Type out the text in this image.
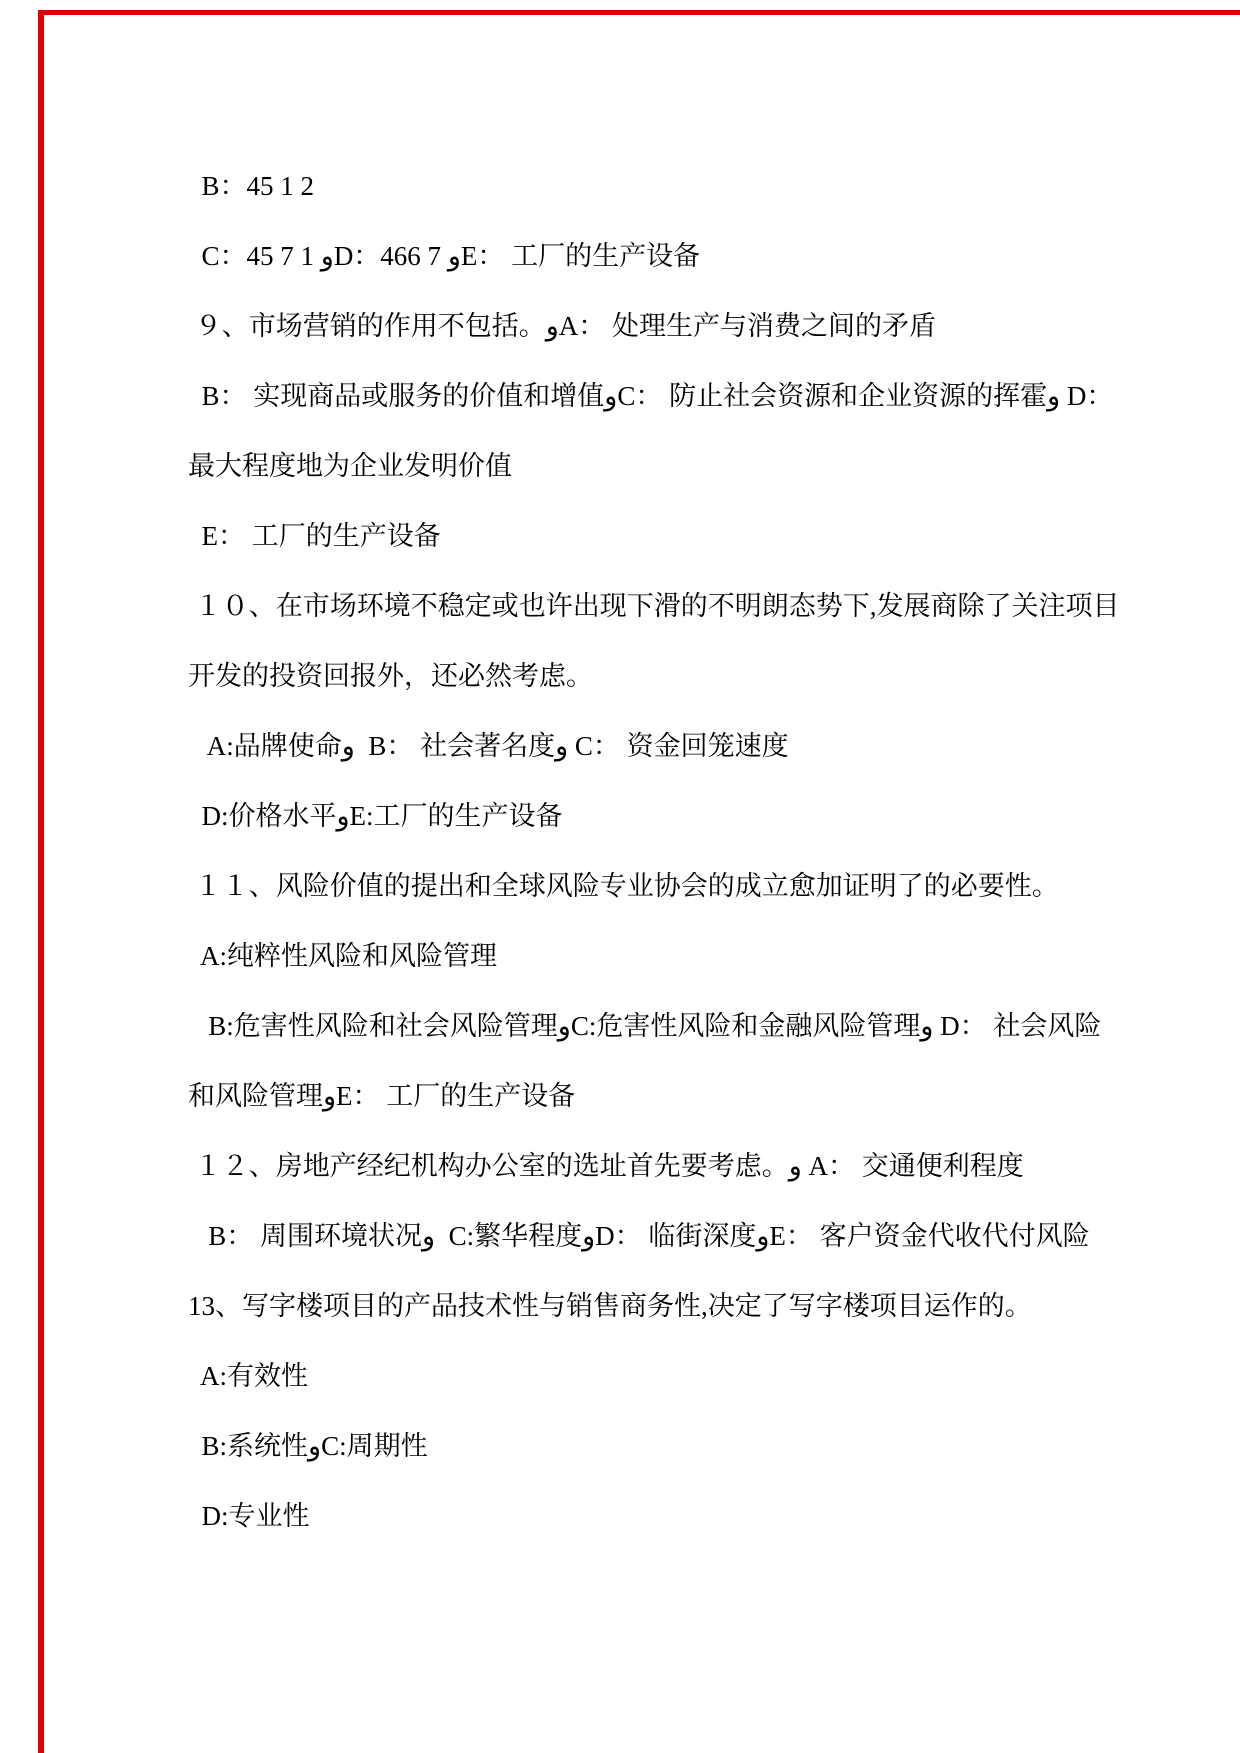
B：45 1 2
C：45 7 1 وD：466 7 وE： 工厂的生产设备
９、市场营销的作用不包括。وA： 处理生产与消费之间的矛盾
B： 实现商品或服务的价值和增值وC： 防止社会资源和企业资源的挥霍و D：
最大程度地为企业发明价值
E： 工厂的生产设备
１０、在市场环境不稳定或也许出现下滑的不明朗态势下,发展商除了关注项目
开发的投资回报外，还必然考虑。
A:品牌使命و  B： 社会著名度و C： 资金回笼速度
D:价格水平وE:工厂的生产设备
１１、风险价值的提出和全球风险专业协会的成立愈加证明了的必要性。
A:纯粹性风险和风险管理
B:危害性风险和社会风险管理وC:危害性风险和金融风险管理و D： 社会风险
和风险管理وE： 工厂的生产设备
１２、房地产经纪机构办公室的选址首先要考虑。و A： 交通便利程度
B： 周围环境状况و  C:繁华程度وD： 临街深度وE： 客户资金代收代付风险
13、写字楼项目的产品技术性与销售商务性,决定了写字楼项目运作的。
A:有效性
B:系统性وC:周期性
D:专业性
